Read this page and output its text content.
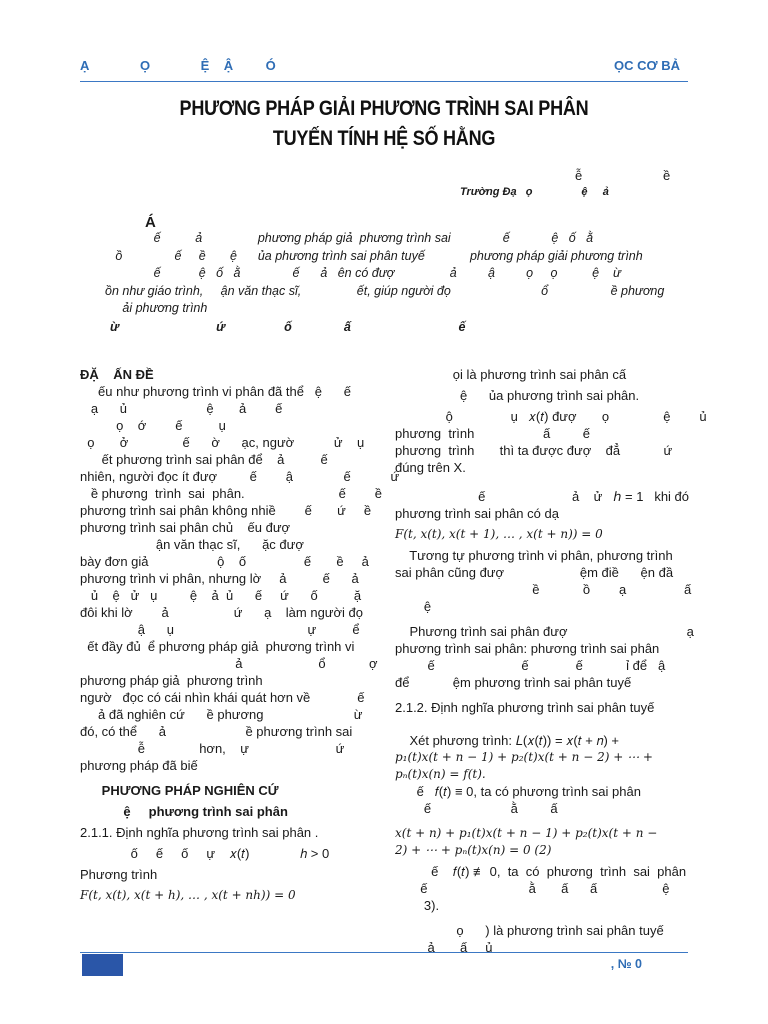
Ạ              Ọ              Ệ    Ậ         Ó	ỌC CƠ BẢ
PHƯƠNG PHÁP GIẢI PHƯƠNG TRÌNH SAI PHÂN
TUYẾN TÍNH HỆ SỐ HẰNG
ễ	ề
Trường Đạ   ọ                ệ     ả
Á

ế          ả                phương pháp giả  phương trình sai               ế            ệ   ố   ằ

ồ               ế     ề       ệ      ủa phương trình sai phân tuyế             phương pháp giải phương trình

ế           ệ   ố   ằ               ế      ả   ên có đượ                ả         ậ         ọ     ọ          ệ    ừ

ồn như giáo trình,     ận văn thạc sĩ,                ết, giúp người đọ                          ổ                  ề phương

ải phương trình

ừ                            ứ                 ố               ấ                               ế

ĐẶ    ẤN ĐỀ

ếu như phương trình vi phân đã thể   ệ      ế

ạ      ủ                      ệ       ả        ế

ọ    ớ        ế          ụ

ọ       ở               ế      ờ      ạc, ngườ           ử    ụ

ết phương trình sai phân để    ả          ế

nhiên, người đọc ít đượ         ế        ậ              ế           ứ

ề phương  trình  sai  phân.                          ế        ề

phương trình sai phân không nhiề        ế       ứ     ề

phương trình sai phân chủ    ếu đượ

ận văn thạc sĩ,      ặc đượ

bày đơn giả                   ộ    ố                ế       ề     ả

phương trình vi phân, nhưng lờ     ả          ế      ả

ủ    ệ   ử   ụ         ệ    ả  ủ      ế     ứ      ố          ặ

đôi khi lờ        ả                  ứ      ạ    làm người đọ

ậ      ụ                                     ự          ể

ết đầy đủ  ể phương pháp giả  phương trình vi

ả                     ổ            ợ

phương pháp giả  phương trình

ngườ   đọc có cái nhìn khái quát hơn về             ế

ả đã nghiên cứ      ề phương                         ừ

đó, có thể      ả                      ề phương trình sai

ễ               hơn,    ự                        ứ

phương pháp đã biế

PHƯƠNG PHÁP NGHIÊN CỨ

ệ     phương trình sai phân

2.1.1. Định nghĩa phương trình sai phân .

ố     ế     ố     ự    𝑥(𝑡)              ℎ > 0

Phương trình

𝐹(𝑡, 𝑥(𝑡), 𝑥(𝑡 + ℎ), … , 𝑥(𝑡 + 𝑛ℎ)) = 0

ọi là phương trình sai phân cấ

ệ      ủa phương trình sai phân.

ộ                ụ   𝑥(𝑡) đượ       ọ               ệ        ủ

phương  trình                   ấ         ế

phương  trình       thì ta được đượ    đẳ            ứ

đúng trên X.

ế                        ả    ử   ℎ = 1   khi đó

phương trình sai phân có dạ

𝐹(𝑡, 𝑥(𝑡), 𝑥(𝑡 + 1), … , 𝑥(𝑡 + 𝑛)) = 0

Tương tự phương trình vi phân, phương trình

sai phân cũng đượ                     ệm điề      ện đầ

ề            ồ        ạ                ấ

ệ

Phương trình sai phân đượ                                 ạ

phương trình sai phân: phương trình sai phân

ế                        ế             ế            ỉ để   ậ

để            ệm phương trình sai phân tuyế

2.1.2. Định nghĩa phương trình sai phân tuyế

Xét phương trình: 𝐿(𝑥(𝑡)) = 𝑥(𝑡 + 𝑛) +

𝑝₁(𝑡)𝑥(𝑡 + 𝑛 − 1) + 𝑝₂(𝑡)𝑥(𝑡 + 𝑛 − 2) + ⋯ +

𝑝ₙ(𝑡)𝑥(𝑛) = 𝑓(𝑡).

ế   𝑓(𝑡) ≡ 0, ta có phương trình sai phân

ế                      ằ         ấ

𝑥(𝑡 + 𝑛) + 𝑝₁(𝑡)𝑥(𝑡 + 𝑛 − 1) + 𝑝₂(𝑡)𝑥(𝑡 + 𝑛 −

2) + ⋯ + 𝑝ₙ(𝑡)𝑥(𝑛) = 0 (2)

ế    𝑓(𝑡) ≢ 0,  ta  có  phương  trình  sai  phân

ế                            ằ       ấ      ấ                  ệ

3).

ọ      ) là phương trình sai phân tuyế

ả       ấ     ủ

, № 0
